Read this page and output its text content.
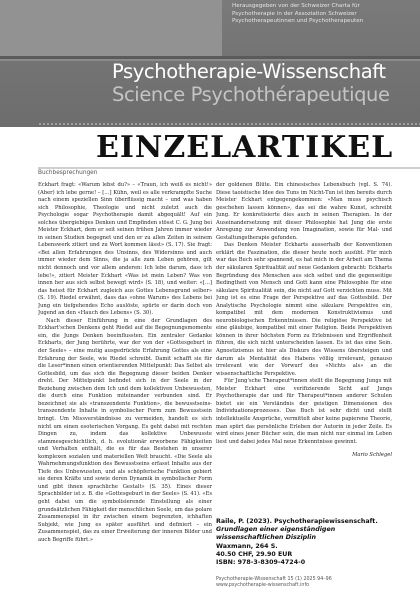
Herausgegeben von der Schweizer Charta für
Psychotherapie in der Assoziation Schweizer
Psychotherapeutinnen und Psychotherapeuten
Psychotherapie-Wissenschaft
Science Psychothérapeutique
EINZELARTIKEL
Buchbesprechungen

Eckhart fragt: «Warum lebst du?» – «Traun, ich weiß es nicht!» (Aber) ich lebe gerne! – […] Kühn, weil es alle verkrampfte Suche nach einem speziellen Sinn überflüssig macht – und was haben sich Philosophie, Theologie und nicht zuletzt auch die Psychologie sogar Psychotherapie damit abgequält! Auf ein solches übergiebiges Denken und Empfinden stösst C. G. Jung bei Meister Eckhart, dem er seit seinen frühen Jahren immer wieder in seinen Studien begegnet und den er zu allen Zeiten in seinem Lebenswerk zitiert und zu Wort kommen lässt» (S. 17). Sie fragt: «Bei allen Erfahrungen des Unsinns, des Widersinns und auch immer wieder dem Sinns, die ja alle zum Leben gehören, gilt nicht dennoch und vor allem anderen: Ich lebe darum, dass ich lebe!», zitiert Meister Eckhart «Was ist mein Leben? Was von innen her aus sich selbst bewegt wird» (S. 18), und weiter: «[…] das heisst für Eckhart zugleich aus Gottes Lebensgrund selber» (S. 19). Riedel erwähnt, dass das «ohne Warum» des Lebens bei Jung ein tiefgehendes Echo auslöste, spürte er darin doch von Jugend an den «Hauch des Lebens» (S. 30).

Nach dieser Einführung in eine der Grundlagen des Eckhart'schen Denkens geht Riedel auf die Begegnungsmomente ein, die Jungs Denken beeinflussten. Ein zentraler Gedanke Eckharts, der Jung berührte, war der von der «Gottesgeburt in der Seele» – eine mutig ausgedrückte Erfahrung Gottes als eine Erfahrung der Seele, wie Riedel schreibt. Damit schafft sie für die Leser*innen einen orientierenden Mittelpunkt: Das Selbst als Gottesbild, um das sich die Begegnung dieser beiden Denker dreht. Der Mittelpunkt befindet sich in der Seele in der Beziehung zwischen dem Ich und dem kollektiven Unbewussten, die durch eine Funktion miteinander verbunden sind. Er bezeichnet sie als «transzendente Funktion», die bewusstseins-transzendente Inhalte in symbolischer Form zum Bewusstsein bringt. Um Missverständnisse zu vermeiden, handelt es sich nicht um einen esoterischen Vorgang. Es geht dabei mit rechten Dingen zu, indem das kollektive Unbewusste stammesgeschichtlich, d. h. evolutionär erworbene Fähigkeiten und Verhalten enthält, die es für das Bestehen in unserer komplexen sozialen und materiellen Welt braucht. «Die Seele als Wahrnehmungsfunktion des Bewusstseins erfasst Inhalte aus der Tiefe des Unbewussten, und als schöpferische Funktion gebiert sie deren Kräfte und sowie deren Dynamik in symbolischer Form und gibt ihnen sprachliche Gestalt» (S. 35). Eines dieser Sprachbilder ist z. B. die «Gottesgeburt in der Seele» (S. 41). «Es geht dabei um die symbolisierende Einstellung als einer grundsätzlichen Fähigkeit der menschlichen Seele, um das polare Zusammenspiel in ihr zwischen einem begrenzten, ichhaften Subjekt, wie Jung es später ausführt und definiert – ein Zusammenspiel, das zu einer Erweiterung der inneren Bilder und auch Begriffe führt.»

der goldenen Blüte. Ein chinesisches Lebensbuch (vgl. S. 74). Diese taoistische Idee des Tuns im Nicht-Tun ist ihm bereits durch Meister Eckhart entgegengekommen: «Man muss psychisch geschehen lassen können», das sei die wahre Kunst, schreibt Jung. Er konkretisierte dies auch in seinen Therapien. In der Auseinandersetzung mit dieser Philosophie hat Jung die erste Anregung zur Anwendung von Imagination, sowie für Mal- und Gestaltungstherapie gefunden.

Das Denken Meister Eckharts ausserhalb der Konventionen erklärt die Faszination, die dieser heute noch ausübt. Für mich war das Buch sehr spannend, es hat mich in der Arbeit am Thema der säkularen Spiritualität auf neue Gedanken gebracht: Eckharts Begründung des Menschen aus sich selbst und die gegenseitige Bedingtheit von Mensch und Gott kann eine Philosophie für eine säkulare Spiritualität sein, die nicht auf Gott verzichten muss. Mit Jung ist es eine Frage der Perspektive auf das Gottesbild. Der Analytische Psychologie nimmt eine säkulare Perspektive ein, kompatibel mit dem modernen Konstruktivismus und neurobiologischen Erkenntnissen. Die religiöse Perspektive ist eine gläubige, kompatibel mit einer Religion. Beide Perspektiven können in ihrer höchsten Form zu Erlebnissen und Ergriffenheit führen, die sich nicht unterscheiden lassen. Es ist das eine Sein. Agnostizismus ist hier als Diskurs des Wissens übersteigen und darum als Mentalität des Habens völlig irrelevant, genauso irrelevant wie der Vorwurf des «Nichts als» an die wissenschaftliche Perspektive.

Für Jung'sche Therapeut*innen stellt die Begegnung Jungs mit Meister Eckhart eine verifizierende Sicht auf Jungs Psychotherapie dar und für Therapeut*innen anderer Schulen bietet sie ein Verständnis der geistigen Dimensionen des Individuationsprozesses. Das Buch ist sehr dicht und stellt intellektuelle Ansprüche, vermittelt aber keine papierene Theorie, man spürt das persönliche Erleben der Autorin in jeder Zeile. Es wird eines jener Bücher sein, die man nicht nur einmal im Leben liest und dabei jedes Mal neue Erkenntnisse gewinnt.

Mario Schlegel

Raile, P. (2023). Psychotherapiewissenschaft.
Grundlagen einer eigenständigen
wissenschaftlichen Disziplin
Waxmann, 264 S.
40.50 CHF, 29.90 EUR
ISBN: 978-3-8309-4724-0
Psychotherapie-Wissenschaft 15 (1) 2025 94–96
www.psychotherapie-wissenschaft.info
